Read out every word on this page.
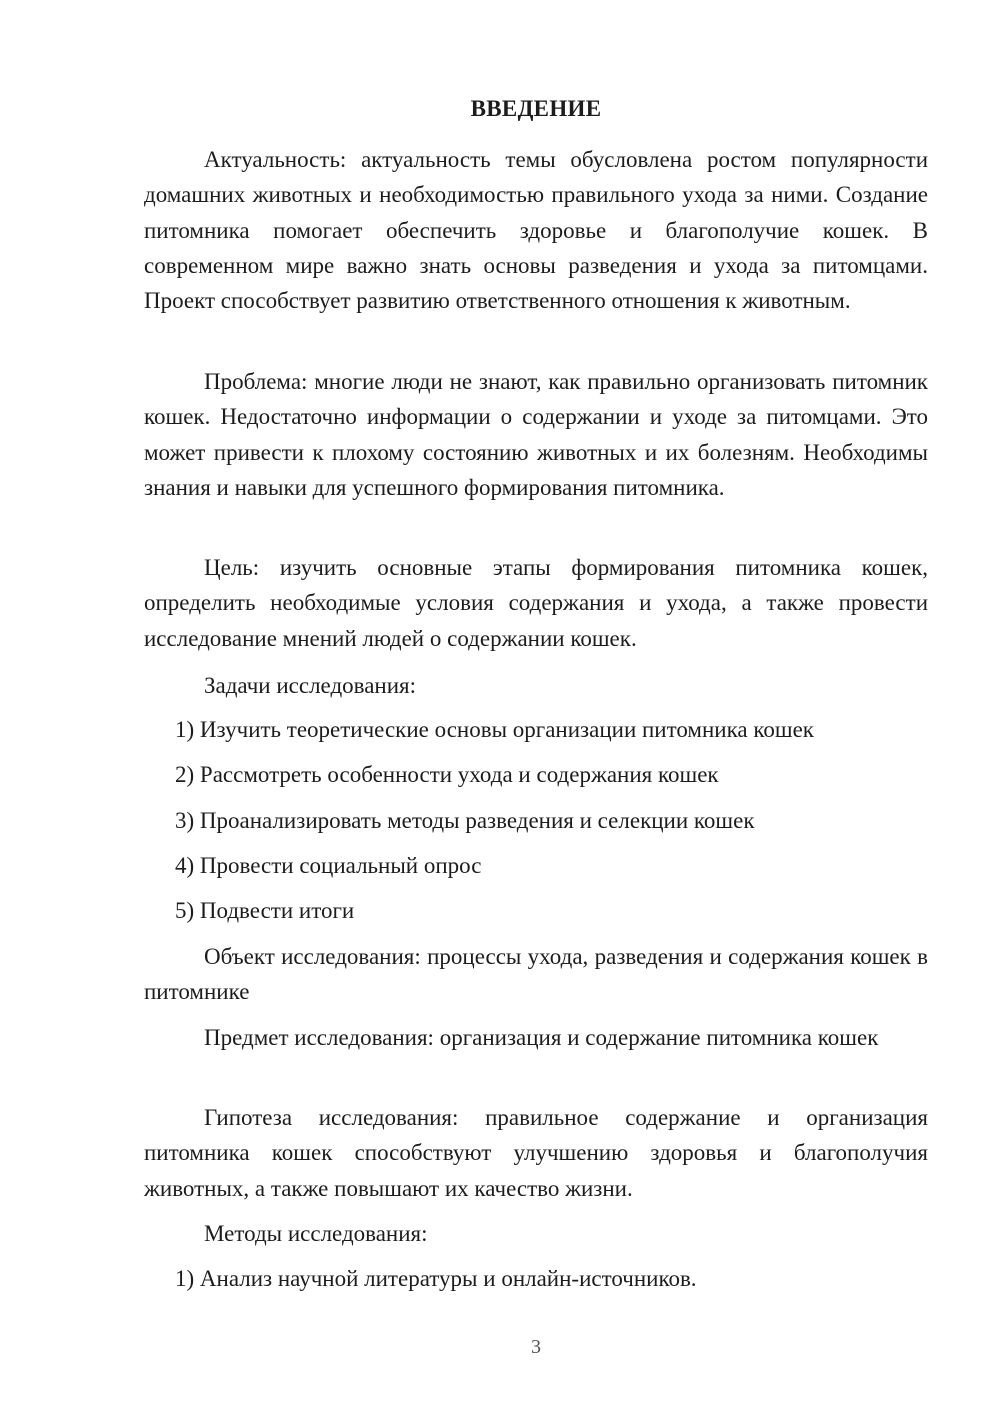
ВВЕДЕНИЕ

Актуальность: актуальность темы обусловлена ростом популярности домашних животных и необходимостью правильного ухода за ними. Создание питомника помогает обеспечить здоровье и благополучие кошек. В современном мире важно знать основы разведения и ухода за питомцами. Проект способствует развитию ответственного отношения к животным.

Проблема: многие люди не знают, как правильно организовать питомник кошек. Недостаточно информации о содержании и уходе за питомцами. Это может привести к плохому состоянию животных и их болезням. Необходимы знания и навыки для успешного формирования питомника.

Цель: изучить основные этапы формирования питомника кошек, определить необходимые условия содержания и ухода, а также провести исследование мнений людей о содержании кошек.

Задачи исследования:

1) Изучить теоретические основы организации питомника кошек

2) Рассмотреть особенности ухода и содержания кошек

3) Проанализировать методы разведения и селекции кошек

4) Провести социальный опрос

5) Подвести итоги

Объект исследования: процессы ухода, разведения и содержания кошек в питомнике

Предмет исследования: организация и содержание питомника кошек

Гипотеза исследования: правильное содержание и организация питомника кошек способствуют улучшению здоровья и благополучия животных, а также повышают их качество жизни.

Методы исследования:

1) Анализ научной литературы и онлайн-источников.

3
